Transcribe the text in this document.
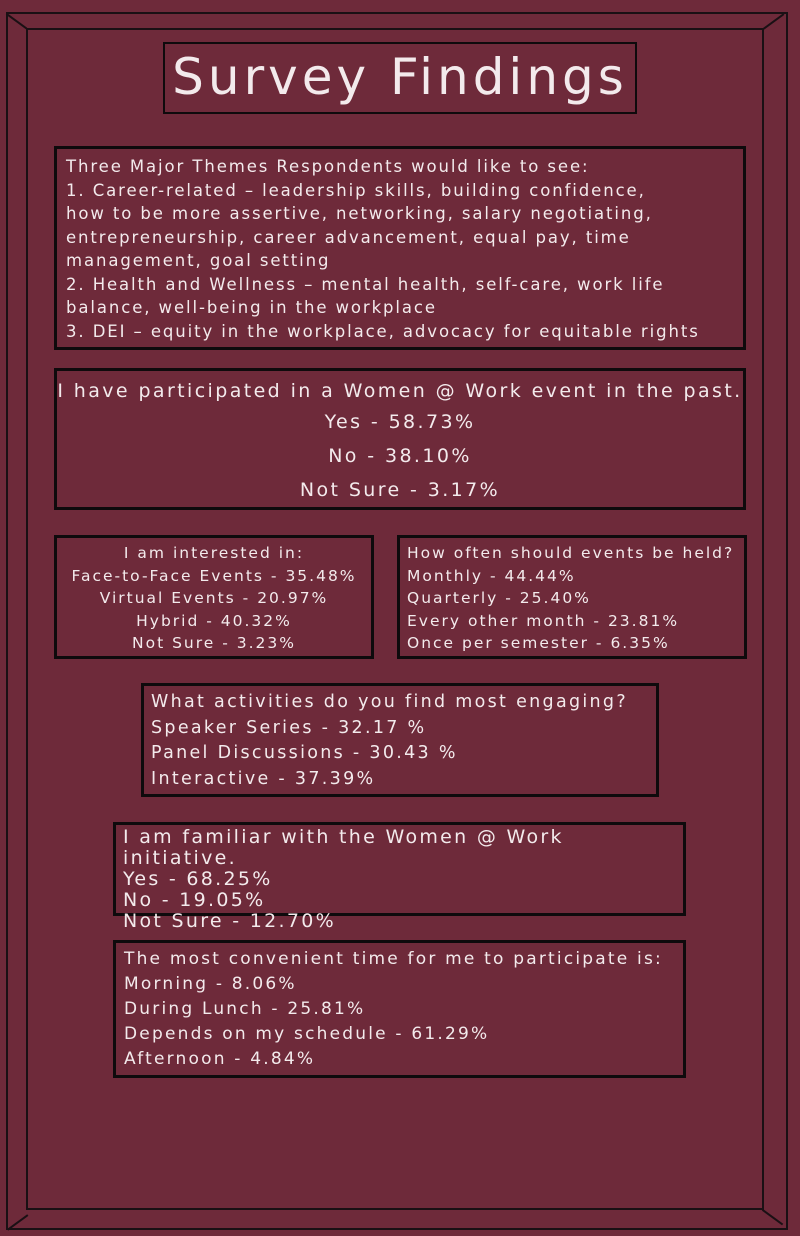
Survey Findings
Three Major Themes Respondents would like to see:
1. Career-related – leadership skills, building confidence,
how to be more assertive, networking, salary negotiating,
entrepreneurship, career advancement, equal pay, time
management, goal setting
2. Health and Wellness – mental health, self-care, work life
balance, well-being in the workplace
3. DEI – equity in the workplace, advocacy for equitable rights
I have participated in a Women @ Work event in the past.
Yes - 58.73%
No - 38.10%
Not Sure - 3.17%
I am interested in:
Face-to-Face Events - 35.48%
Virtual Events - 20.97%
Hybrid - 40.32%
Not Sure - 3.23%
How often should events be held?
Monthly - 44.44%
Quarterly - 25.40%
Every other month - 23.81%
Once per semester - 6.35%
What activities do you find most engaging?
Speaker Series - 32.17 %
Panel Discussions - 30.43 %
Interactive - 37.39%
I am familiar with the Women @ Work initiative.
Yes - 68.25%
No - 19.05%
Not Sure - 12.70%
The most convenient time for me to participate is:
Morning - 8.06%
During Lunch - 25.81%
Depends on my schedule - 61.29%
Afternoon - 4.84%
